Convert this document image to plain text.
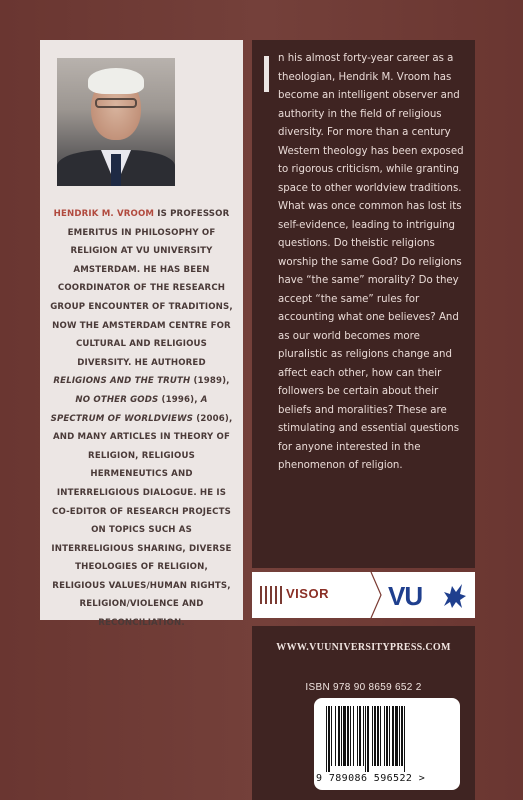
HENDRIK M. VROOM IS PROFESSOR EMERITUS IN PHILOSOPHY OF RELIGION AT VU UNIVERSITY AMSTERDAM. HE HAS BEEN COORDINATOR OF THE RESEARCH GROUP ENCOUNTER OF TRADITIONS, NOW THE AMSTERDAM CENTRE FOR CULTURAL AND RELIGIOUS DIVERSITY. HE AUTHORED RELIGIONS AND THE TRUTH (1989), NO OTHER GODS (1996), A SPECTRUM OF WORLDVIEWS (2006), AND MANY ARTICLES IN THEORY OF RELIGION, RELIGIOUS HERMENEUTICS AND INTERRELIGIOUS DIALOGUE. HE IS CO-EDITOR OF RESEARCH PROJECTS ON TOPICS SUCH AS INTERRELIGIOUS SHARING, DIVERSE THEOLOGIES OF RELIGION, RELIGIOUS VALUES/HUMAN RIGHTS, RELIGION/VIOLENCE AND RECONCILIATION.

n his almost forty-year career as a theologian, Hendrik M. Vroom has become an intelligent observer and authority in the field of religious diversity. For more than a century Western theology has been exposed to rigorous criticism, while granting space to other worldview traditions. What was once common has lost its self-evidence, leading to intriguing questions. Do theistic religions worship the same God? Do religions have “the same” morality? Do they accept “the same” rules for accounting what one believes? And as our world becomes more pluralistic as religions change and affect each other, how can their followers be certain about their beliefs and moralities? These are stimulating and essential questions for anyone interested in the phenomenon of religion.

VISOR VU
WWW.VUUNIVERSITYPRESS.COM
ISBN 978 90 8659 652 2
9 789086 596522 >
